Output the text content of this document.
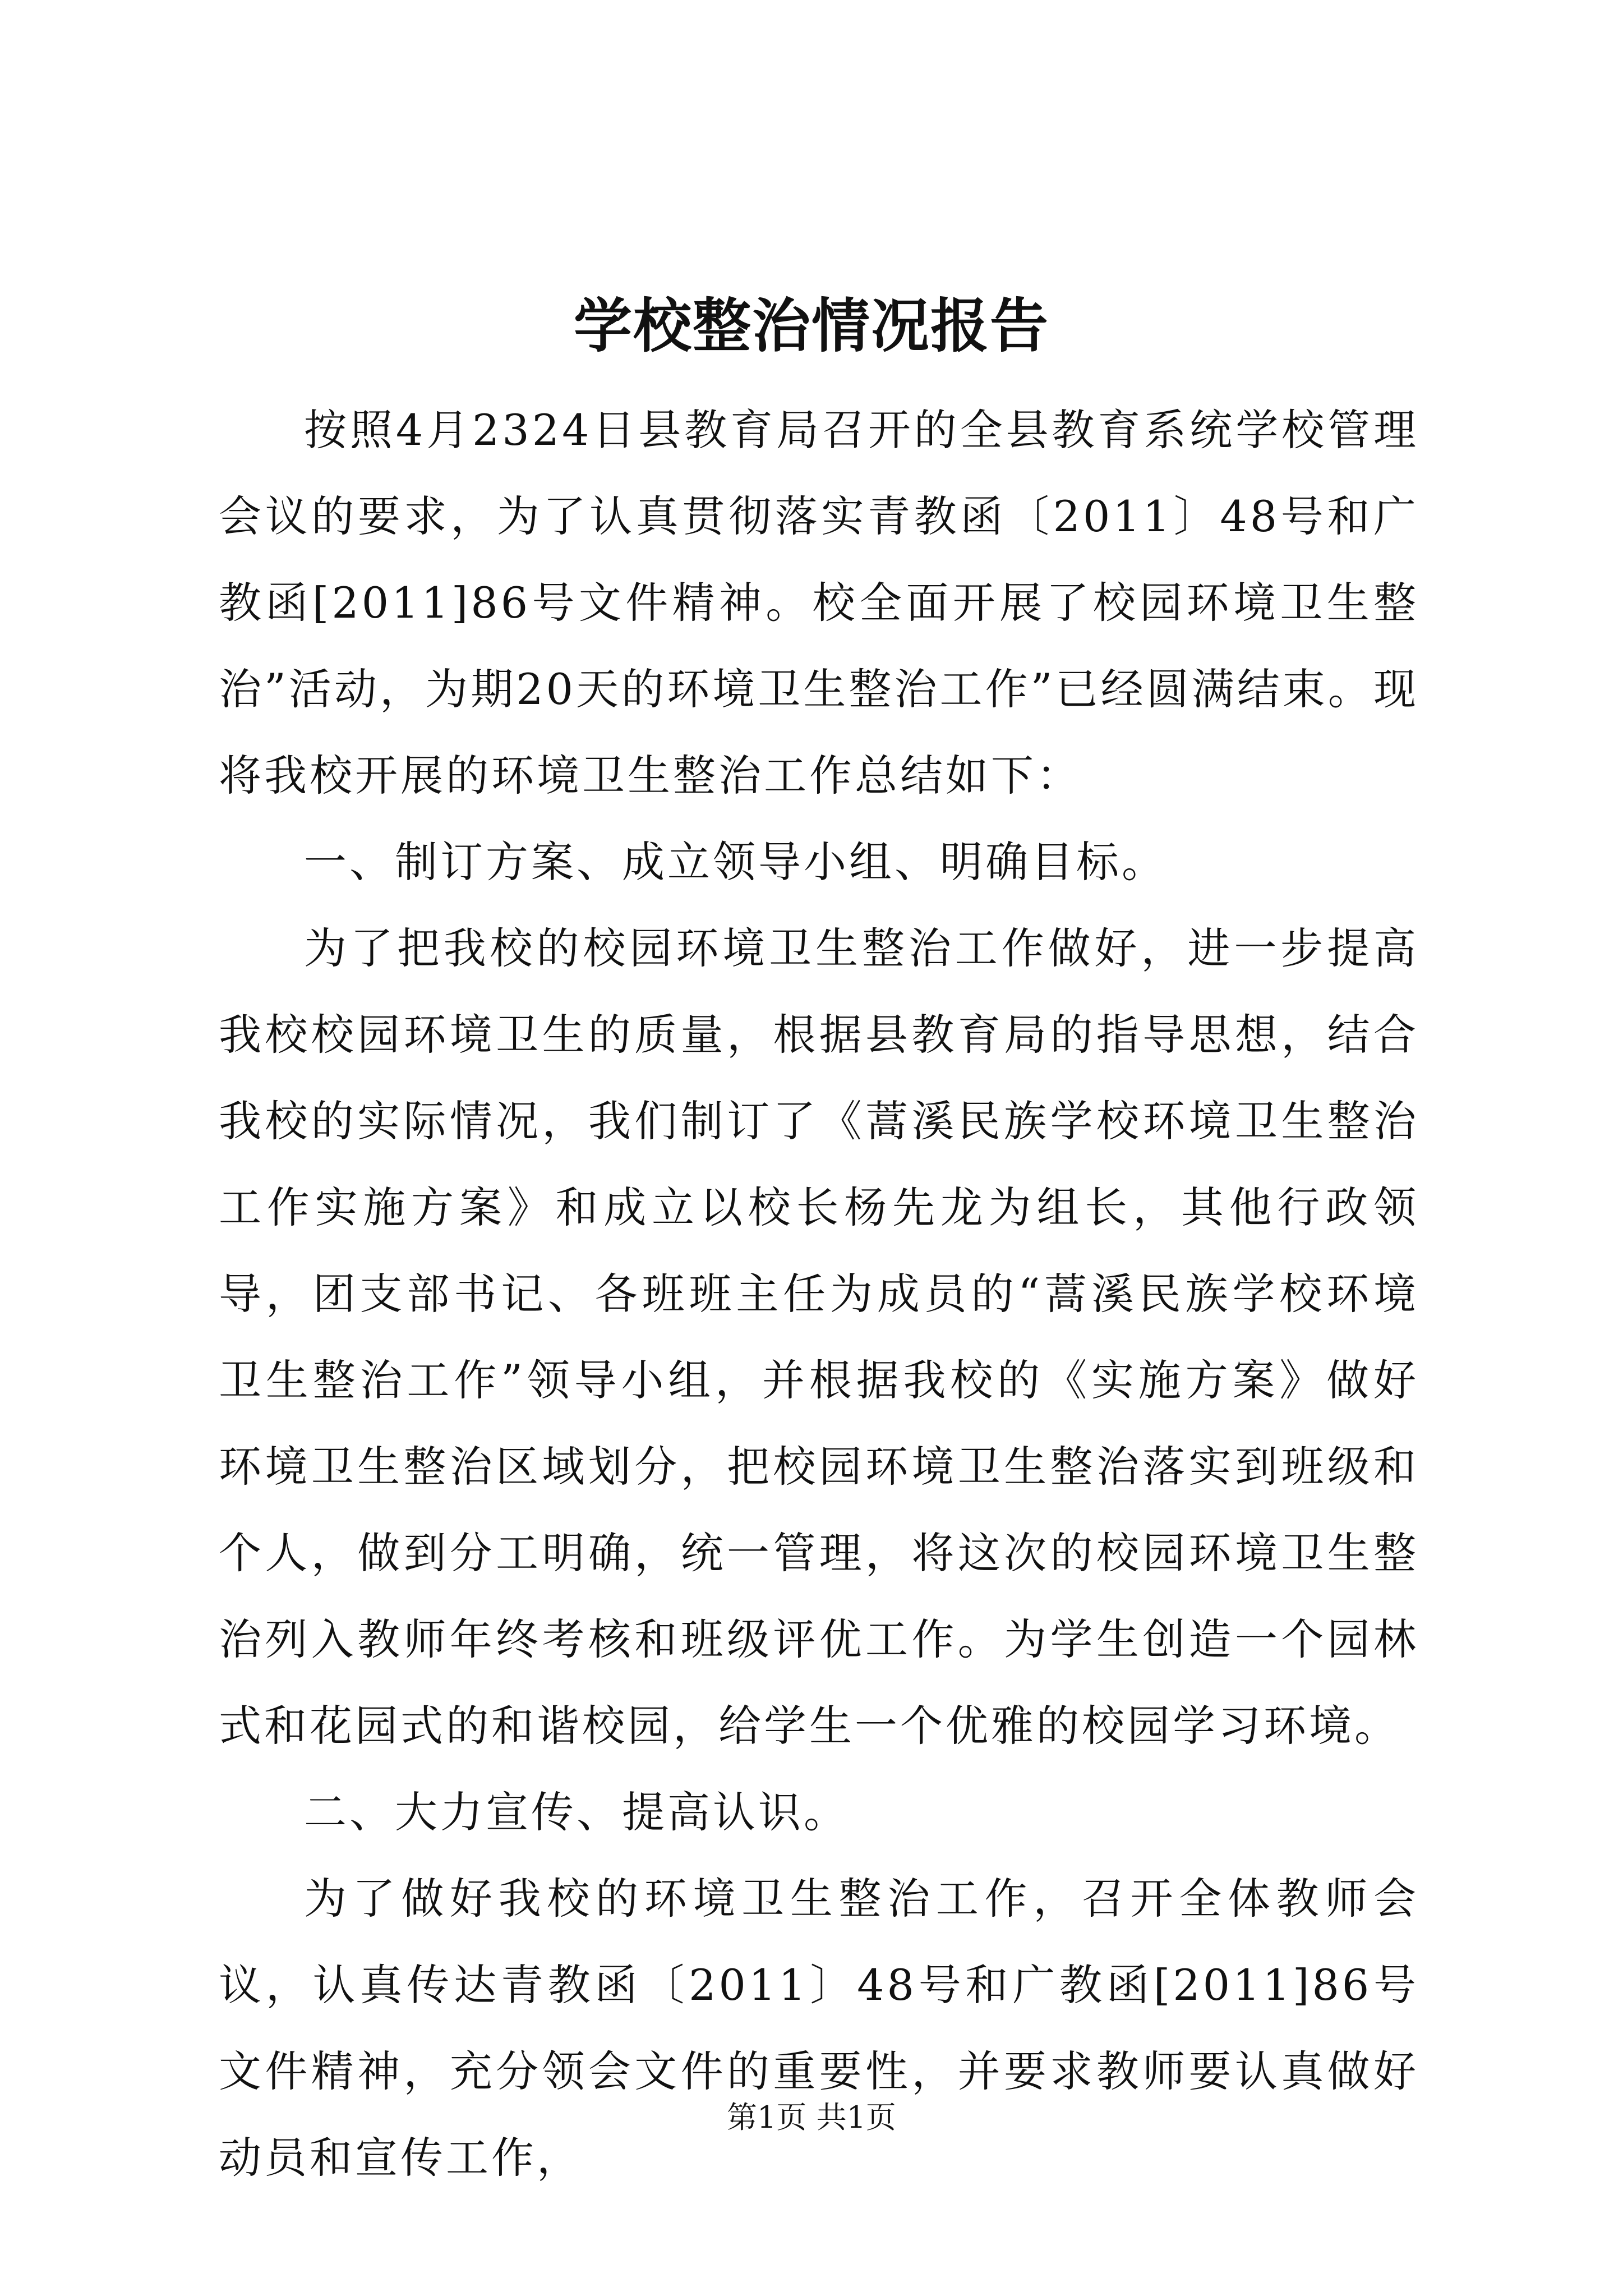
学校整治情况报告

按照4月2324日县教育局召开的全县教育系统学校管理会议的要求，为了认真贯彻落实青教函〔2011〕48号和广教函[2011]86号文件精神。校全面开展了校园环境卫生整治”活动，为期20天的环境卫生整治工作”已经圆满结束。现将我校开展的环境卫生整治工作总结如下：

一、制订方案、成立领导小组、明确目标。

为了把我校的校园环境卫生整治工作做好，进一步提高我校校园环境卫生的质量，根据县教育局的指导思想，结合我校的实际情况，我们制订了《蒿溪民族学校环境卫生整治工作实施方案》和成立以校长杨先龙为组长，其他行政领导，团支部书记、各班班主任为成员的“蒿溪民族学校环境卫生整治工作”领导小组，并根据我校的《实施方案》做好环境卫生整治区域划分，把校园环境卫生整治落实到班级和个人，做到分工明确，统一管理，将这次的校园环境卫生整治列入教师年终考核和班级评优工作。为学生创造一个园林式和花园式的和谐校园，给学生一个优雅的校园学习环境。

二、大力宣传、提高认识。

为了做好我校的环境卫生整治工作，召开全体教师会议，认真传达青教函〔2011〕48号和广教函[2011]86号文件精神，充分领会文件的重要性，并要求教师要认真做好动员和宣传工作，

第1页 共1页
